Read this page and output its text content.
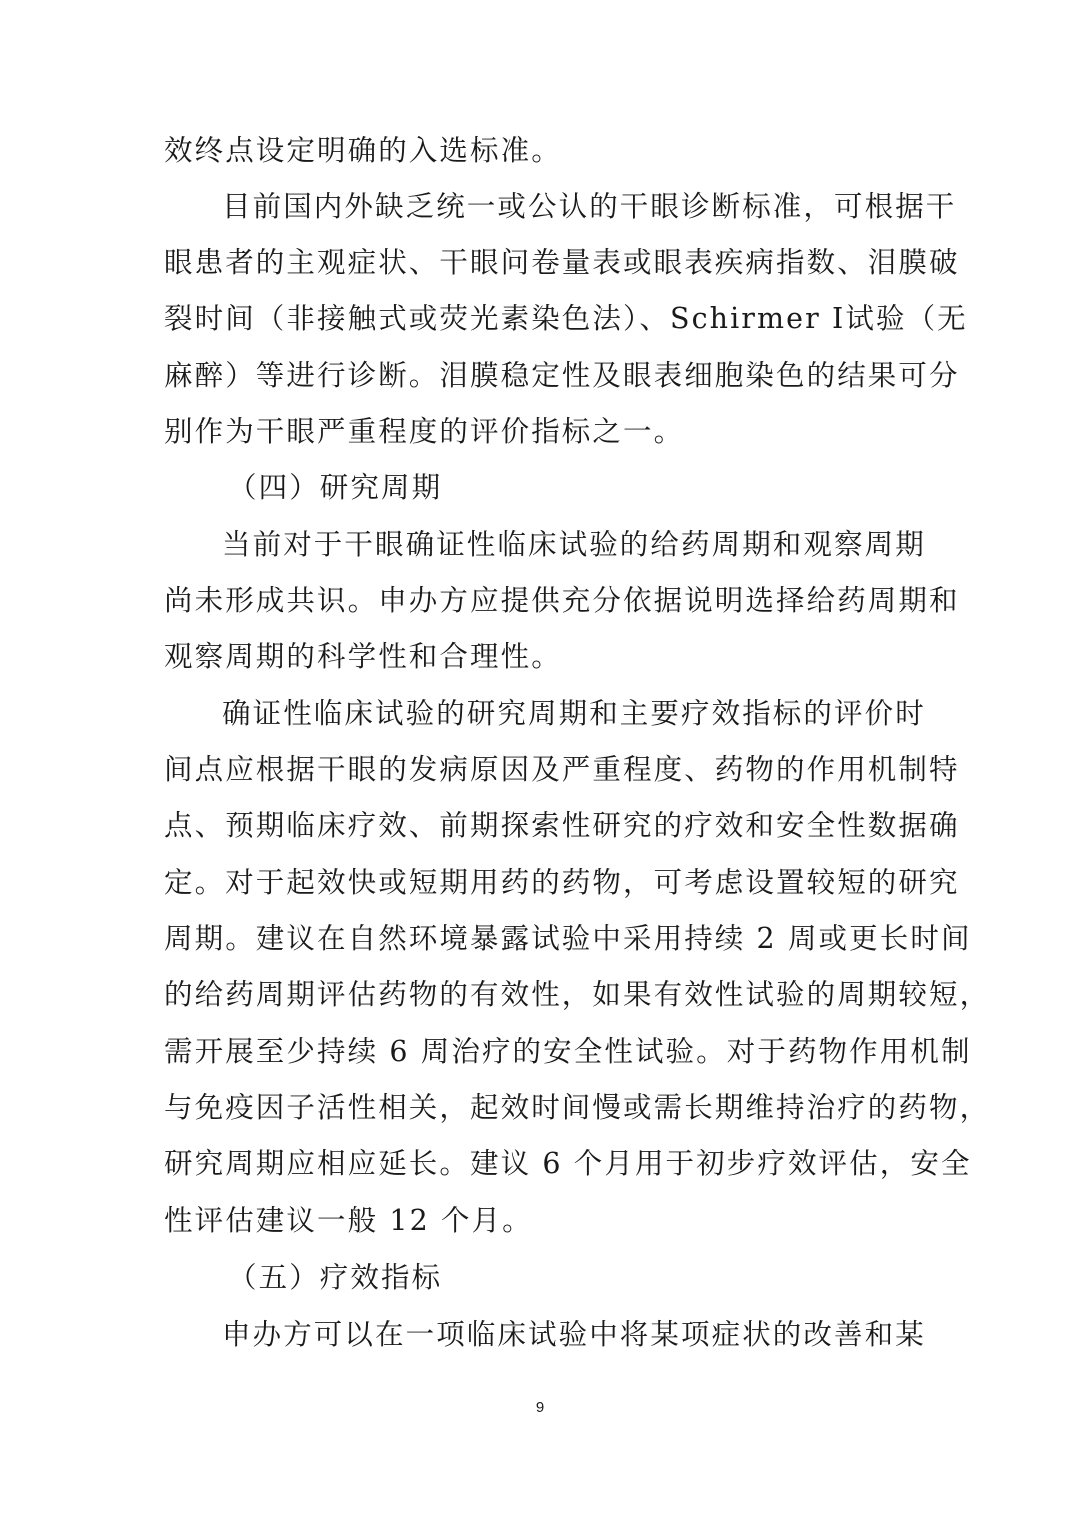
效终点设定明确的入选标准。
目前国内外缺乏统一或公认的干眼诊断标准，可根据干
眼患者的主观症状、干眼问卷量表或眼表疾病指数、泪膜破
裂时间（非接触式或荧光素染色法）、Schirmer Ⅰ试验（无
麻醉）等进行诊断。泪膜稳定性及眼表细胞染色的结果可分
别作为干眼严重程度的评价指标之一。
（四）研究周期
当前对于干眼确证性临床试验的给药周期和观察周期
尚未形成共识。申办方应提供充分依据说明选择给药周期和
观察周期的科学性和合理性。
确证性临床试验的研究周期和主要疗效指标的评价时
间点应根据干眼的发病原因及严重程度、药物的作用机制特
点、预期临床疗效、前期探索性研究的疗效和安全性数据确
定。对于起效快或短期用药的药物，可考虑设置较短的研究
周期。建议在自然环境暴露试验中采用持续 2 周或更长时间
的给药周期评估药物的有效性，如果有效性试验的周期较短，
需开展至少持续 6 周治疗的安全性试验。对于药物作用机制
与免疫因子活性相关，起效时间慢或需长期维持治疗的药物，
研究周期应相应延长。建议 6 个月用于初步疗效评估，安全
性评估建议一般 12 个月。
（五）疗效指标
申办方可以在一项临床试验中将某项症状的改善和某
9
